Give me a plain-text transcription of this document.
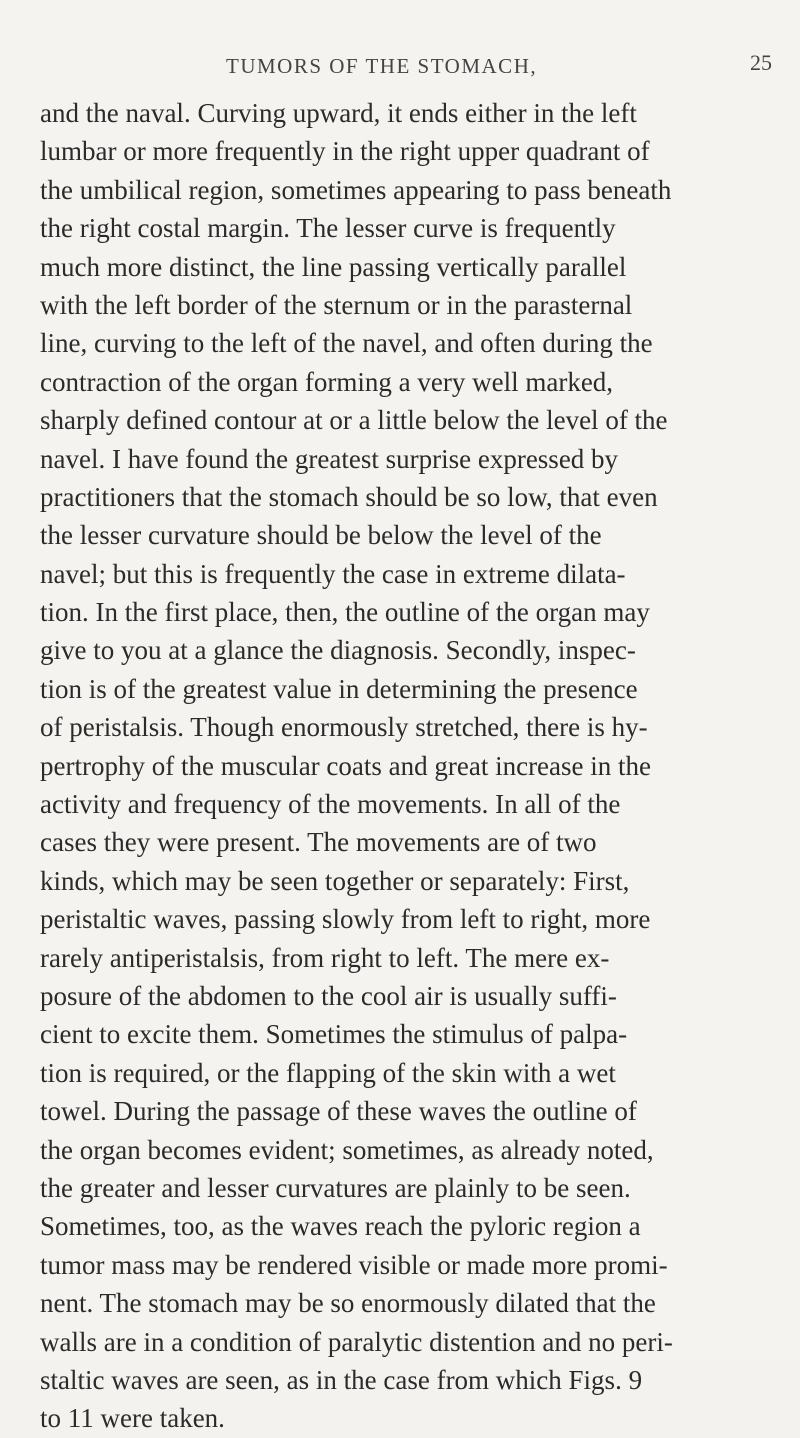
TUMORS OF THE STOMACH,	25
and the naval. Curving upward, it ends either in the left
lumbar or more frequently in the right upper quadrant of
the umbilical region, sometimes appearing to pass beneath
the right costal margin. The lesser curve is frequently
much more distinct, the line passing vertically parallel
with the left border of the sternum or in the parasternal
line, curving to the left of the navel, and often during the
contraction of the organ forming a very well marked,
sharply defined contour at or a little below the level of the
navel. I have found the greatest surprise expressed by
practitioners that the stomach should be so low, that even
the lesser curvature should be below the level of the
navel; but this is frequently the case in extreme dilata-
tion. In the first place, then, the outline of the organ may
give to you at a glance the diagnosis. Secondly, inspec-
tion is of the greatest value in determining the presence
of peristalsis. Though enormously stretched, there is hy-
pertrophy of the muscular coats and great increase in the
activity and frequency of the movements. In all of the
cases they were present. The movements are of two
kinds, which may be seen together or separately: First,
peristaltic waves, passing slowly from left to right, more
rarely antiperistalsis, from right to left. The mere ex-
posure of the abdomen to the cool air is usually suffi-
cient to excite them. Sometimes the stimulus of palpa-
tion is required, or the flapping of the skin with a wet
towel. During the passage of these waves the outline of
the organ becomes evident; sometimes, as already noted,
the greater and lesser curvatures are plainly to be seen.
Sometimes, too, as the waves reach the pyloric region a
tumor mass may be rendered visible or made more promi-
nent. The stomach may be so enormously dilated that the
walls are in a condition of paralytic distention and no peri-
staltic waves are seen, as in the case from which Figs. 9
to 11 were taken.
